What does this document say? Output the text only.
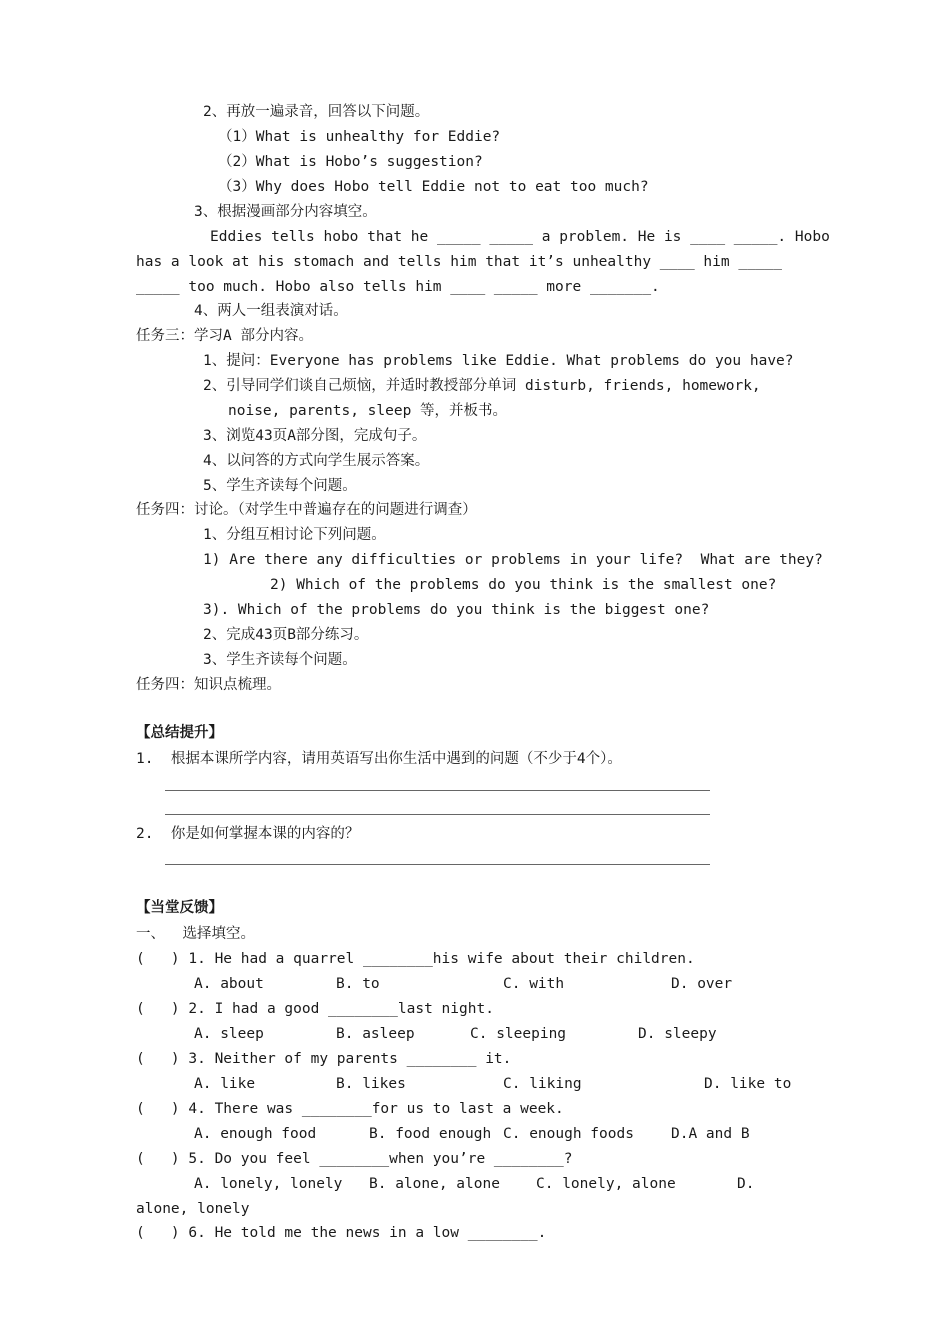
2、再放一遍录音，回答以下问题。
（1）What is unhealthy for Eddie?
（2）What is Hobo’s suggestion?
（3）Why does Hobo tell Eddie not to eat too much?
3、根据漫画部分内容填空。
Eddies tells hobo that he _____ _____ a problem. He is ____ _____. Hobo
has a look at his stomach and tells him that it’s unhealthy ____ him _____
_____ too much. Hobo also tells him ____ _____ more _______.
4、两人一组表演对话。
任务三：学习A 部分内容。
1、提问：Everyone has problems like Eddie. What problems do you have?
2、引导同学们谈自己烦恼，并适时教授部分单词 disturb, friends, homework,
noise, parents, sleep 等，并板书。
3、浏览43页A部分图，完成句子。
4、以问答的方式向学生展示答案。
5、学生齐读每个问题。
任务四：讨论。（对学生中普遍存在的问题进行调查）
1、分组互相讨论下列问题。
1) Are there any difficulties or problems in your life?  What are they?
2) Which of the problems do you think is the smallest one?
3). Which of the problems do you think is the biggest one?
2、完成43页B部分练习。
3、学生齐读每个问题。
任务四：知识点梳理。
【总结提升】
1.  根据本课所学内容，请用英语写出你生活中遇到的问题（不少于4个）。
2.  你是如何掌握本课的内容的？
【当堂反馈】
一、  选择填空。
(   ) 1. He had a quarrel ________his wife about their children.
A. about	B. to	C. with	D. over
(   ) 2. I had a good ________last night.
A. sleep	B. asleep	C. sleeping	D. sleepy
(   ) 3. Neither of my parents ________ it.
A. like	B. likes	C. liking	D. like to
(   ) 4. There was ________for us to last a week.
A. enough food	B. food enough C. enough foods	D.A and B
(   ) 5. Do you feel ________when you’re ________?
A. lonely, lonely B. alone, alone C. lonely, alone	D.
alone, lonely
(   ) 6. He told me the news in a low ________.
